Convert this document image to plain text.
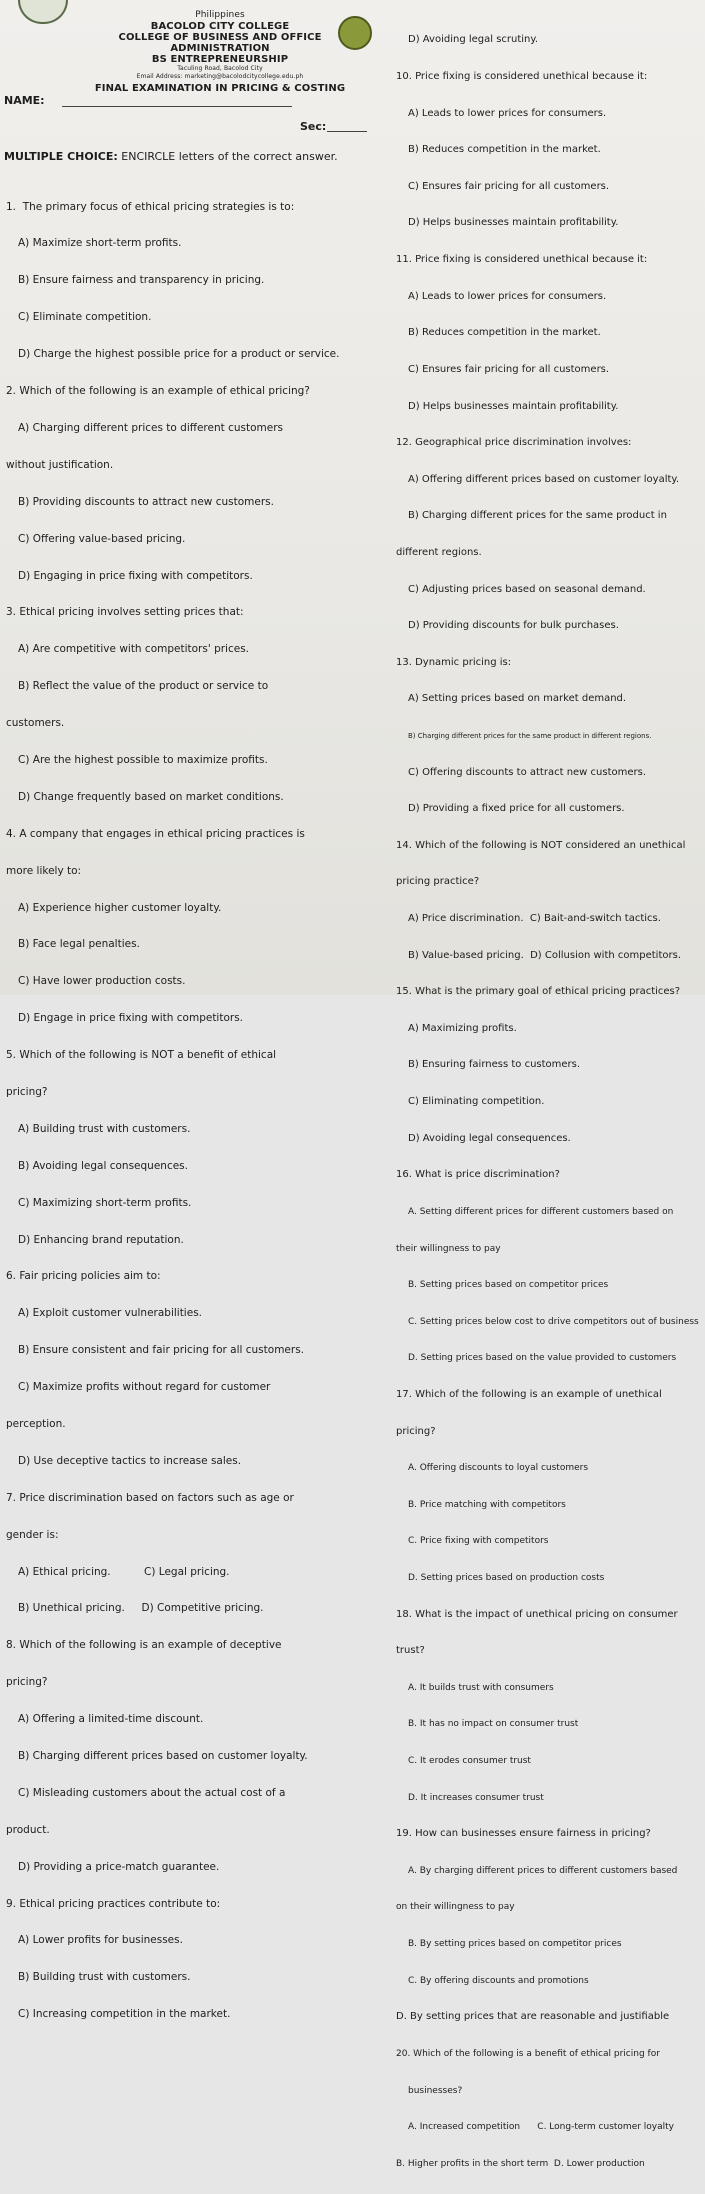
Philippines
BACOLOD CITY COLLEGE
COLLEGE OF BUSINESS AND OFFICE ADMINISTRATION
BS ENTREPRENEURSHIP
Taculing Road, Bacolod City
Email Address: marketing@bacolodcitycollege.edu.ph
FINAL EXAMINATION IN PRICING & COSTING
NAME:
Sec:
MULTIPLE CHOICE: ENCIRCLE letters of the correct answer.

1.  The primary focus of ethical pricing strategies is to:

A) Maximize short-term profits.

B) Ensure fairness and transparency in pricing.

C) Eliminate competition.

D) Charge the highest possible price for a product or service.

2. Which of the following is an example of ethical pricing?

A) Charging different prices to different customers

without justification.

B) Providing discounts to attract new customers.

C) Offering value-based pricing.

D) Engaging in price fixing with competitors.

3. Ethical pricing involves setting prices that:

A) Are competitive with competitors' prices.

B) Reflect the value of the product or service to

customers.

C) Are the highest possible to maximize profits.

D) Change frequently based on market conditions.

4. A company that engages in ethical pricing practices is

more likely to:

A) Experience higher customer loyalty.

B) Face legal penalties.

C) Have lower production costs.

D) Engage in price fixing with competitors.

5. Which of the following is NOT a benefit of ethical

pricing?

A) Building trust with customers.

B) Avoiding legal consequences.

C) Maximizing short-term profits.

D) Enhancing brand reputation.

6. Fair pricing policies aim to:

A) Exploit customer vulnerabilities.

B) Ensure consistent and fair pricing for all customers.

C) Maximize profits without regard for customer

perception.

D) Use deceptive tactics to increase sales.

7. Price discrimination based on factors such as age or

gender is:

A) Ethical pricing.          C) Legal pricing.

B) Unethical pricing.     D) Competitive pricing.

8. Which of the following is an example of deceptive

pricing?

A) Offering a limited-time discount.

B) Charging different prices based on customer loyalty.

C) Misleading customers about the actual cost of a

product.

D) Providing a price-match guarantee.

9. Ethical pricing practices contribute to:

A) Lower profits for businesses.

B) Building trust with customers.

C) Increasing competition in the market.

D) Avoiding legal scrutiny.

10. Price fixing is considered unethical because it:

A) Leads to lower prices for consumers.

B) Reduces competition in the market.

C) Ensures fair pricing for all customers.

D) Helps businesses maintain profitability.

11. Price fixing is considered unethical because it:

A) Leads to lower prices for consumers.

B) Reduces competition in the market.

C) Ensures fair pricing for all customers.

D) Helps businesses maintain profitability.

12. Geographical price discrimination involves:

A) Offering different prices based on customer loyalty.

B) Charging different prices for the same product in

different regions.

C) Adjusting prices based on seasonal demand.

D) Providing discounts for bulk purchases.

13. Dynamic pricing is:

A) Setting prices based on market demand.

B) Charging different prices for the same product in different regions.

C) Offering discounts to attract new customers.

D) Providing a fixed price for all customers.

14. Which of the following is NOT considered an unethical

pricing practice?

A) Price discrimination.  C) Bait-and-switch tactics.

B) Value-based pricing.  D) Collusion with competitors.

15. What is the primary goal of ethical pricing practices?

A) Maximizing profits.

B) Ensuring fairness to customers.

C) Eliminating competition.

D) Avoiding legal consequences.

16. What is price discrimination?

A. Setting different prices for different customers based on

their willingness to pay

B. Setting prices based on competitor prices

C. Setting prices below cost to drive competitors out of business

D. Setting prices based on the value provided to customers

17. Which of the following is an example of unethical

pricing?

A. Offering discounts to loyal customers

B. Price matching with competitors

C. Price fixing with competitors

D. Setting prices based on production costs

18. What is the impact of unethical pricing on consumer

trust?

A. It builds trust with consumers

B. It has no impact on consumer trust

C. It erodes consumer trust

D. It increases consumer trust

19. How can businesses ensure fairness in pricing?

A. By charging different prices to different customers based

on their willingness to pay

B. By setting prices based on competitor prices

C. By offering discounts and promotions

D. By setting prices that are reasonable and justifiable

20. Which of the following is a benefit of ethical pricing for

businesses?

A. Increased competition      C. Long-term customer loyalty

B. Higher profits in the short term  D. Lower production
